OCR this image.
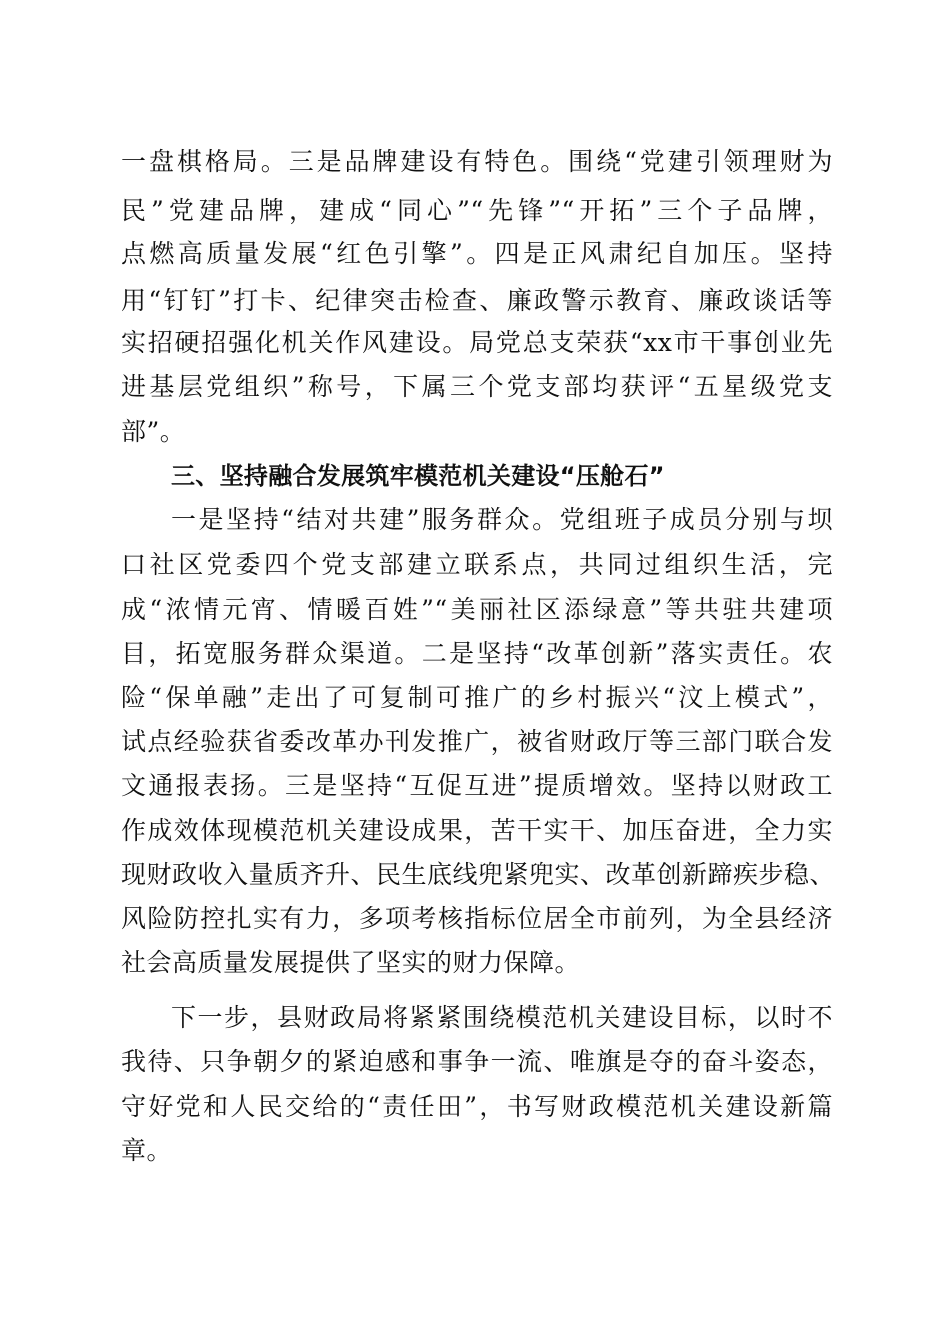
一盘棋格局。三是品牌建设有特色。围绕“党建引领理财为
民”党建品牌，建成“同心”“先锋”“开拓”三个子品牌，
点燃高质量发展“红色引擎”。四是正风肃纪自加压。坚持
用“钉钉”打卡、纪律突击检查、廉政警示教育、廉政谈话等
实招硬招强化机关作风建设。局党总支荣获“xx市干事创业先
进基层党组织”称号，下属三个党支部均获评“五星级党支
部”。
三、坚持融合发展筑牢模范机关建设“压舱石”
一是坚持“结对共建”服务群众。党组班子成员分别与坝
口社区党委四个党支部建立联系点，共同过组织生活，完
成“浓情元宵、情暖百姓”“美丽社区添绿意”等共驻共建项
目，拓宽服务群众渠道。二是坚持“改革创新”落实责任。农
险“保单融”走出了可复制可推广的乡村振兴“汶上模式”，
试点经验获省委改革办刊发推广，被省财政厅等三部门联合发
文通报表扬。三是坚持“互促互进”提质增效。坚持以财政工
作成效体现模范机关建设成果，苦干实干、加压奋进，全力实
现财政收入量质齐升、民生底线兜紧兜实、改革创新蹄疾步稳、
风险防控扎实有力，多项考核指标位居全市前列，为全县经济
社会高质量发展提供了坚实的财力保障。
下一步，县财政局将紧紧围绕模范机关建设目标，以时不
我待、只争朝夕的紧迫感和事争一流、唯旗是夺的奋斗姿态，
守好党和人民交给的“责任田”，书写财政模范机关建设新篇
章。
